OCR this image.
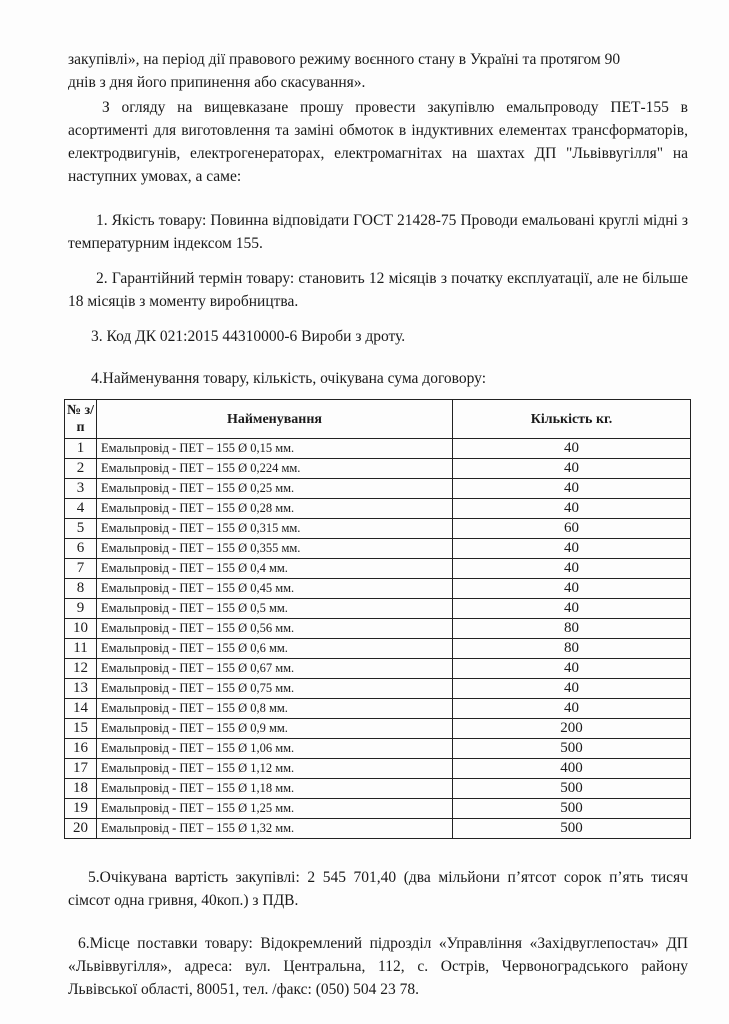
закупівлі», на період дії правового режиму воєнного стану в Україні та протягом 90

днів з дня його припинення або скасування».

З огляду на вищевказане прошу провести закупівлю емальпроводу ПЕТ-155 в асортименті для виготовлення та заміні обмоток в індуктивних елементах трансформаторів, електродвигунів, електрогенераторах, електромагнітах на шахтах ДП "Львіввугілля" на наступних умовах, а саме:

1. Якість товару: Повинна відповідати ГОСТ 21428-75 Проводи емальовані круглі мідні з температурним індексом 155.

2. Гарантійний термін товару: становить 12 місяців з початку експлуатації, але не більше 18 місяців з моменту виробництва.

3. Код ДК 021:2015 44310000-6 Вироби з дроту.

4.Найменування товару, кількість, очікувана сума договору:

№ з/п	Найменування	Кількість кг.
1	Емальпровід - ПЕТ – 155 Ø 0,15 мм.	40
2	Емальпровід - ПЕТ – 155 Ø 0,224 мм.	40
3	Емальпровід - ПЕТ – 155 Ø 0,25 мм.	40
4	Емальпровід - ПЕТ – 155 Ø 0,28 мм.	40
5	Емальпровід - ПЕТ – 155 Ø 0,315 мм.	60
6	Емальпровід - ПЕТ – 155 Ø 0,355 мм.	40
7	Емальпровід - ПЕТ – 155 Ø 0,4 мм.	40
8	Емальпровід - ПЕТ – 155 Ø 0,45 мм.	40
9	Емальпровід - ПЕТ – 155 Ø 0,5 мм.	40
10	Емальпровід - ПЕТ – 155 Ø 0,56 мм.	80
11	Емальпровід - ПЕТ – 155 Ø 0,6 мм.	80
12	Емальпровід - ПЕТ – 155 Ø 0,67 мм.	40
13	Емальпровід - ПЕТ – 155 Ø 0,75 мм.	40
14	Емальпровід - ПЕТ – 155 Ø 0,8 мм.	40
15	Емальпровід - ПЕТ – 155 Ø 0,9 мм.	200
16	Емальпровід - ПЕТ – 155 Ø 1,06 мм.	500
17	Емальпровід - ПЕТ – 155 Ø 1,12 мм.	400
18	Емальпровід - ПЕТ – 155 Ø 1,18 мм.	500
19	Емальпровід - ПЕТ – 155 Ø 1,25 мм.	500
20	Емальпровід - ПЕТ – 155 Ø 1,32 мм.	500

5.Очікувана вартість закупівлі: 2 545 701,40 (два мільйони п’ятсот сорок п’ять тисяч сімсот одна гривня, 40коп.) з ПДВ.

6.Місце поставки товару: Відокремлений підрозділ «Управління «Західвуглепостач» ДП «Львіввугілля», адреса: вул. Центральна, 112, с. Острів, Червоноградського району Львівської області, 80051, тел. /факс: (050) 504 23 78.
